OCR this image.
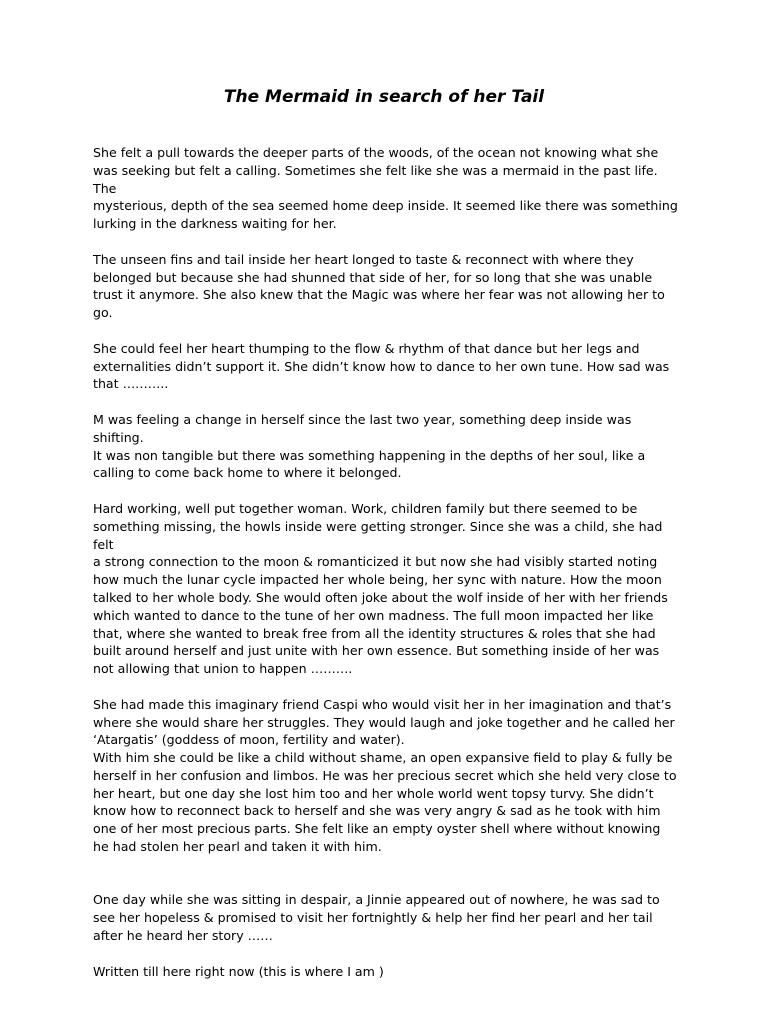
The Mermaid in search of her Tail

She felt a pull towards the deeper parts of the woods, of the ocean not knowing what she
was seeking but felt a calling. Sometimes she felt like she was a mermaid in the past life. The
mysterious, depth of the sea seemed home deep inside. It seemed like there was something
lurking in the darkness waiting for her.

The unseen fins and tail inside her heart longed to taste & reconnect with where they
belonged but because she had shunned that side of her, for so long that she was unable
trust it anymore. She also knew that the Magic was where her fear was not allowing her to
go.

She could feel her heart thumping to the flow & rhythm of that dance but her legs and
externalities didn’t support it. She didn’t know how to dance to her own tune. How sad was
that ………..

M was feeling a change in herself since the last two year, something deep inside was shifting.
It was non tangible but there was something happening in the depths of her soul, like a
calling to come back home to where it belonged.

Hard working, well put together woman. Work, children family but there seemed to be
something missing, the howls inside were getting stronger. Since she was a child, she had felt
a strong connection to the moon & romanticized it but now she had visibly started noting
how much the lunar cycle impacted her whole being, her sync with nature. How the moon
talked to her whole body. She would often joke about the wolf inside of her with her friends
which wanted to dance to the tune of her own madness. The full moon impacted her like
that, where she wanted to break free from all the identity structures & roles that she had
built around herself and just unite with her own essence. But something inside of her was
not allowing that union to happen ……….

She had made this imaginary friend Caspi who would visit her in her imagination and that’s
where she would share her struggles. They would laugh and joke together and he called her
‘Atargatis’ (goddess of moon, fertility and water).
With him she could be like a child without shame, an open expansive field to play & fully be
herself in her confusion and limbos. He was her precious secret which she held very close to
her heart, but one day she lost him too and her whole world went topsy turvy. She didn’t
know how to reconnect back to herself and she was very angry & sad as he took with him
one of her most precious parts. She felt like an empty oyster shell where without knowing
he had stolen her pearl and taken it with him.

One day while she was sitting in despair, a Jinnie appeared out of nowhere, he was sad to
see her hopeless & promised to visit her fortnightly & help her find her pearl and her tail
after he heard her story ……

Written till here right now (this is where I am )
